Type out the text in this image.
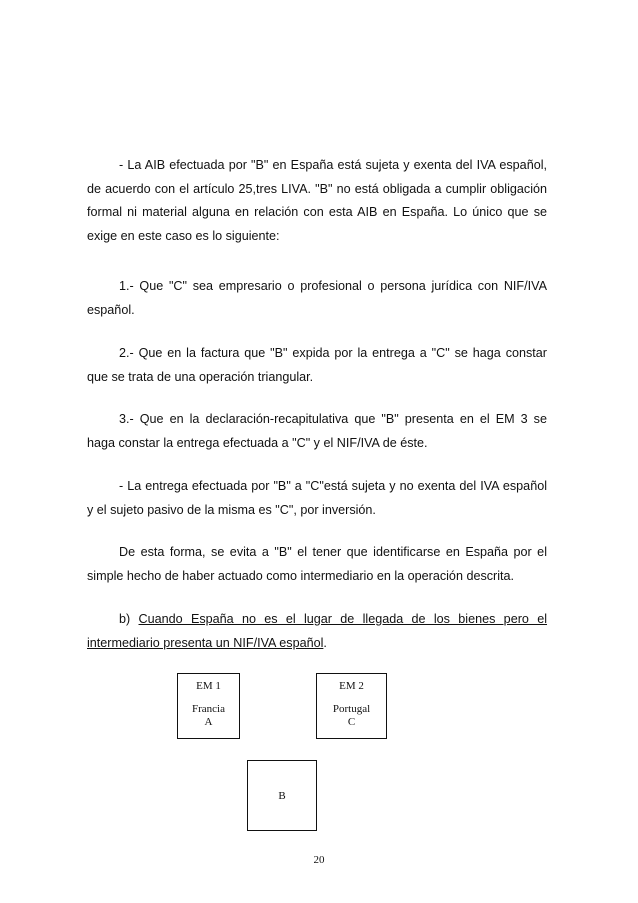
- La AIB efectuada por "B" en España está sujeta y exenta del IVA español, de acuerdo con el artículo 25,tres LIVA. "B" no está obligada a cumplir obligación formal ni material alguna en relación con esta AIB en España. Lo único que se exige en este caso es lo siguiente:

1.- Que "C" sea empresario o profesional o persona jurídica con NIF/IVA español.

2.- Que en la factura que "B" expida por la entrega a "C" se haga constar que se trata de una operación triangular.

3.- Que en la declaración-recapitulativa que "B" presenta en el EM 3 se haga constar la entrega efectuada a "C" y el NIF/IVA de éste.

- La entrega efectuada por "B" a "C"está sujeta y no exenta del IVA español y el sujeto pasivo de la misma es "C", por inversión.

De esta forma, se evita a "B" el tener que identificarse en España por el simple hecho de haber actuado como intermediario en la operación descrita.

b) Cuando España no es el lugar de llegada de los bienes pero el intermediario presenta un NIF/IVA español.

EM 1
Francia
A
EM 2
Portugal
C
B
20
